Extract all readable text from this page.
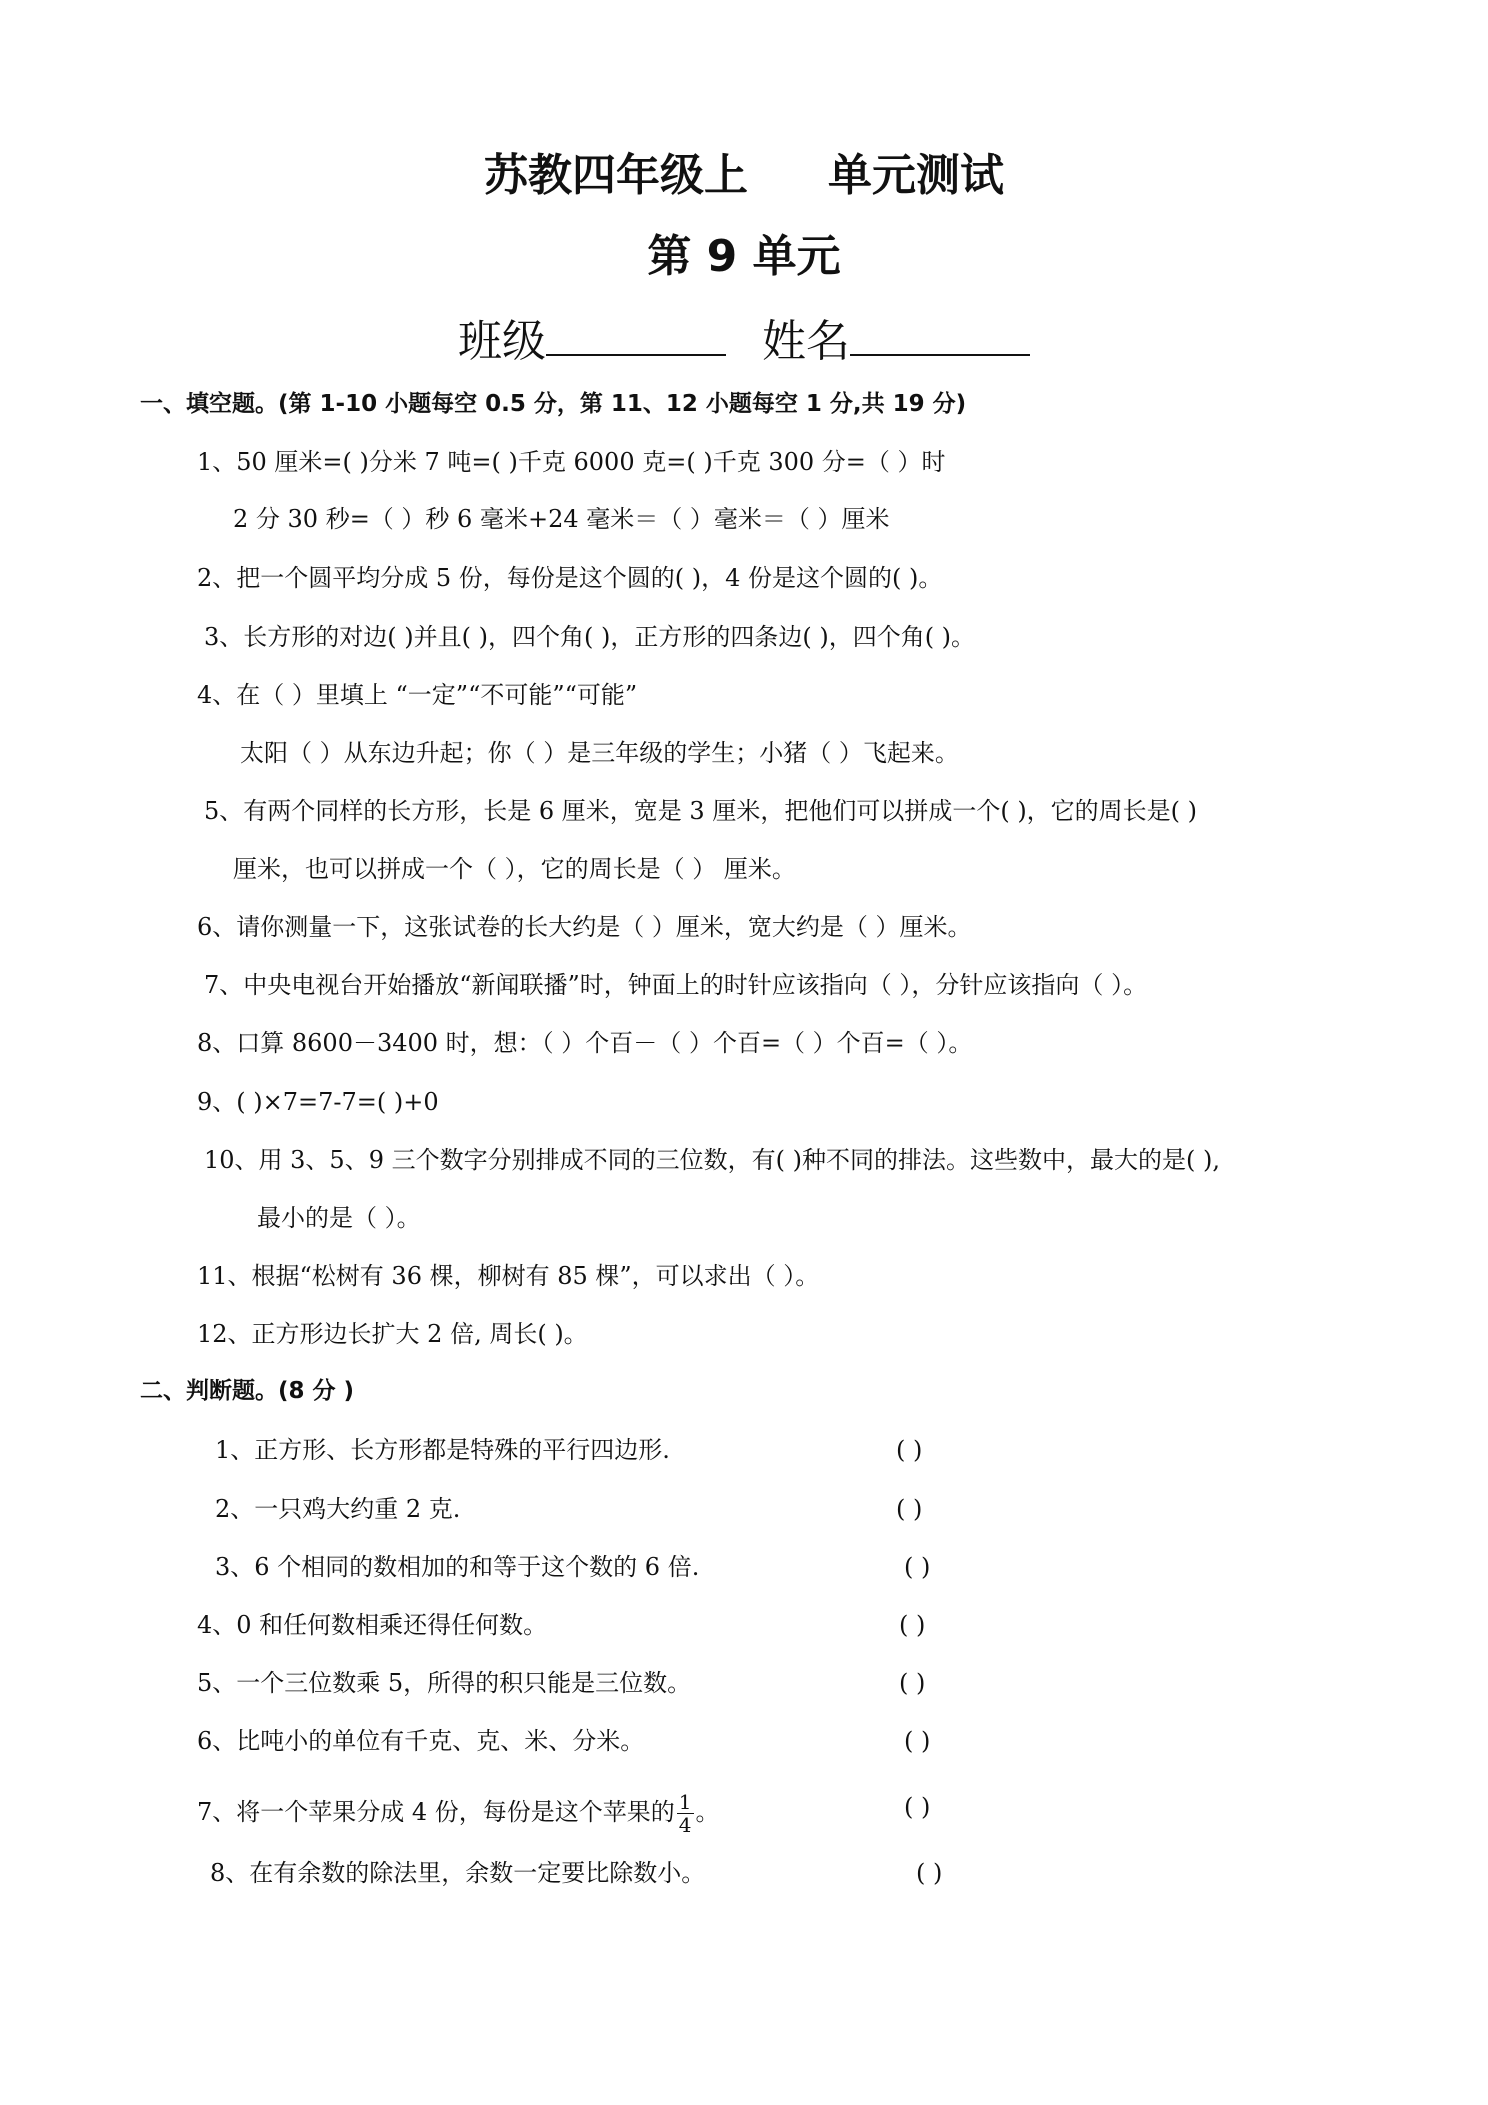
苏教四年级上 单元测试
第 9 单元
班级	姓名
一、填空题。(第 1-10 小题每空 0.5 分，第 11、12 小题每空 1 分,共 19 分)
1、50 厘米=( )分米 7 吨=( )千克 6000 克=( )千克 300 分=（ ）时
2 分 30 秒=（ ）秒 6 毫米+24 毫米＝（ ）毫米＝（ ）厘米
2、把一个圆平均分成 5 份，每份是这个圆的( )，4 份是这个圆的( )。
3、长方形的对边( )并且( )，四个角( )，正方形的四条边( )，四个角( )。
4、在（ ）里填上 “一定”“不可能”“可能”
太阳（ ）从东边升起；你（ ）是三年级的学生；小猪（ ）飞起来。
5、有两个同样的长方形，长是 6 厘米，宽是 3 厘米，把他们可以拼成一个( )，它的周长是( )
厘米，也可以拼成一个（ ），它的周长是（ ） 厘米。
6、请你测量一下，这张试卷的长大约是（ ）厘米，宽大约是（ ）厘米。
7、中央电视台开始播放“新闻联播”时，钟面上的时针应该指向（ ），分针应该指向（ ）。
8、口算 8600－3400 时，想：（ ）个百－（ ）个百=（ ）个百=（ ）。
9、( )×7=7-7=( )+0
10、用 3、5、9 三个数字分别排成不同的三位数，有( )种不同的排法。这些数中，最大的是( ),
最小的是（ ）。
11、根据“松树有 36 棵，柳树有 85 棵”，可以求出（ ）。
12、正方形边长扩大 2 倍, 周长( )。
二、判断题。(8 分 )
1、正方形、长方形都是特殊的平行四边形.	( )
2、一只鸡大约重 2 克.	( )
3、6 个相同的数相加的和等于这个数的 6 倍.	( )
4、0 和任何数相乘还得任何数。	( )
5、一个三位数乘 5，所得的积只能是三位数。	( )
6、比吨小的单位有千克、克、米、分米。	( )
7、将一个苹果分成 4 份，每份是这个苹果的 $\frac{1}{4}$ 。	( )
8、在有余数的除法里，余数一定要比除数小。	( )
